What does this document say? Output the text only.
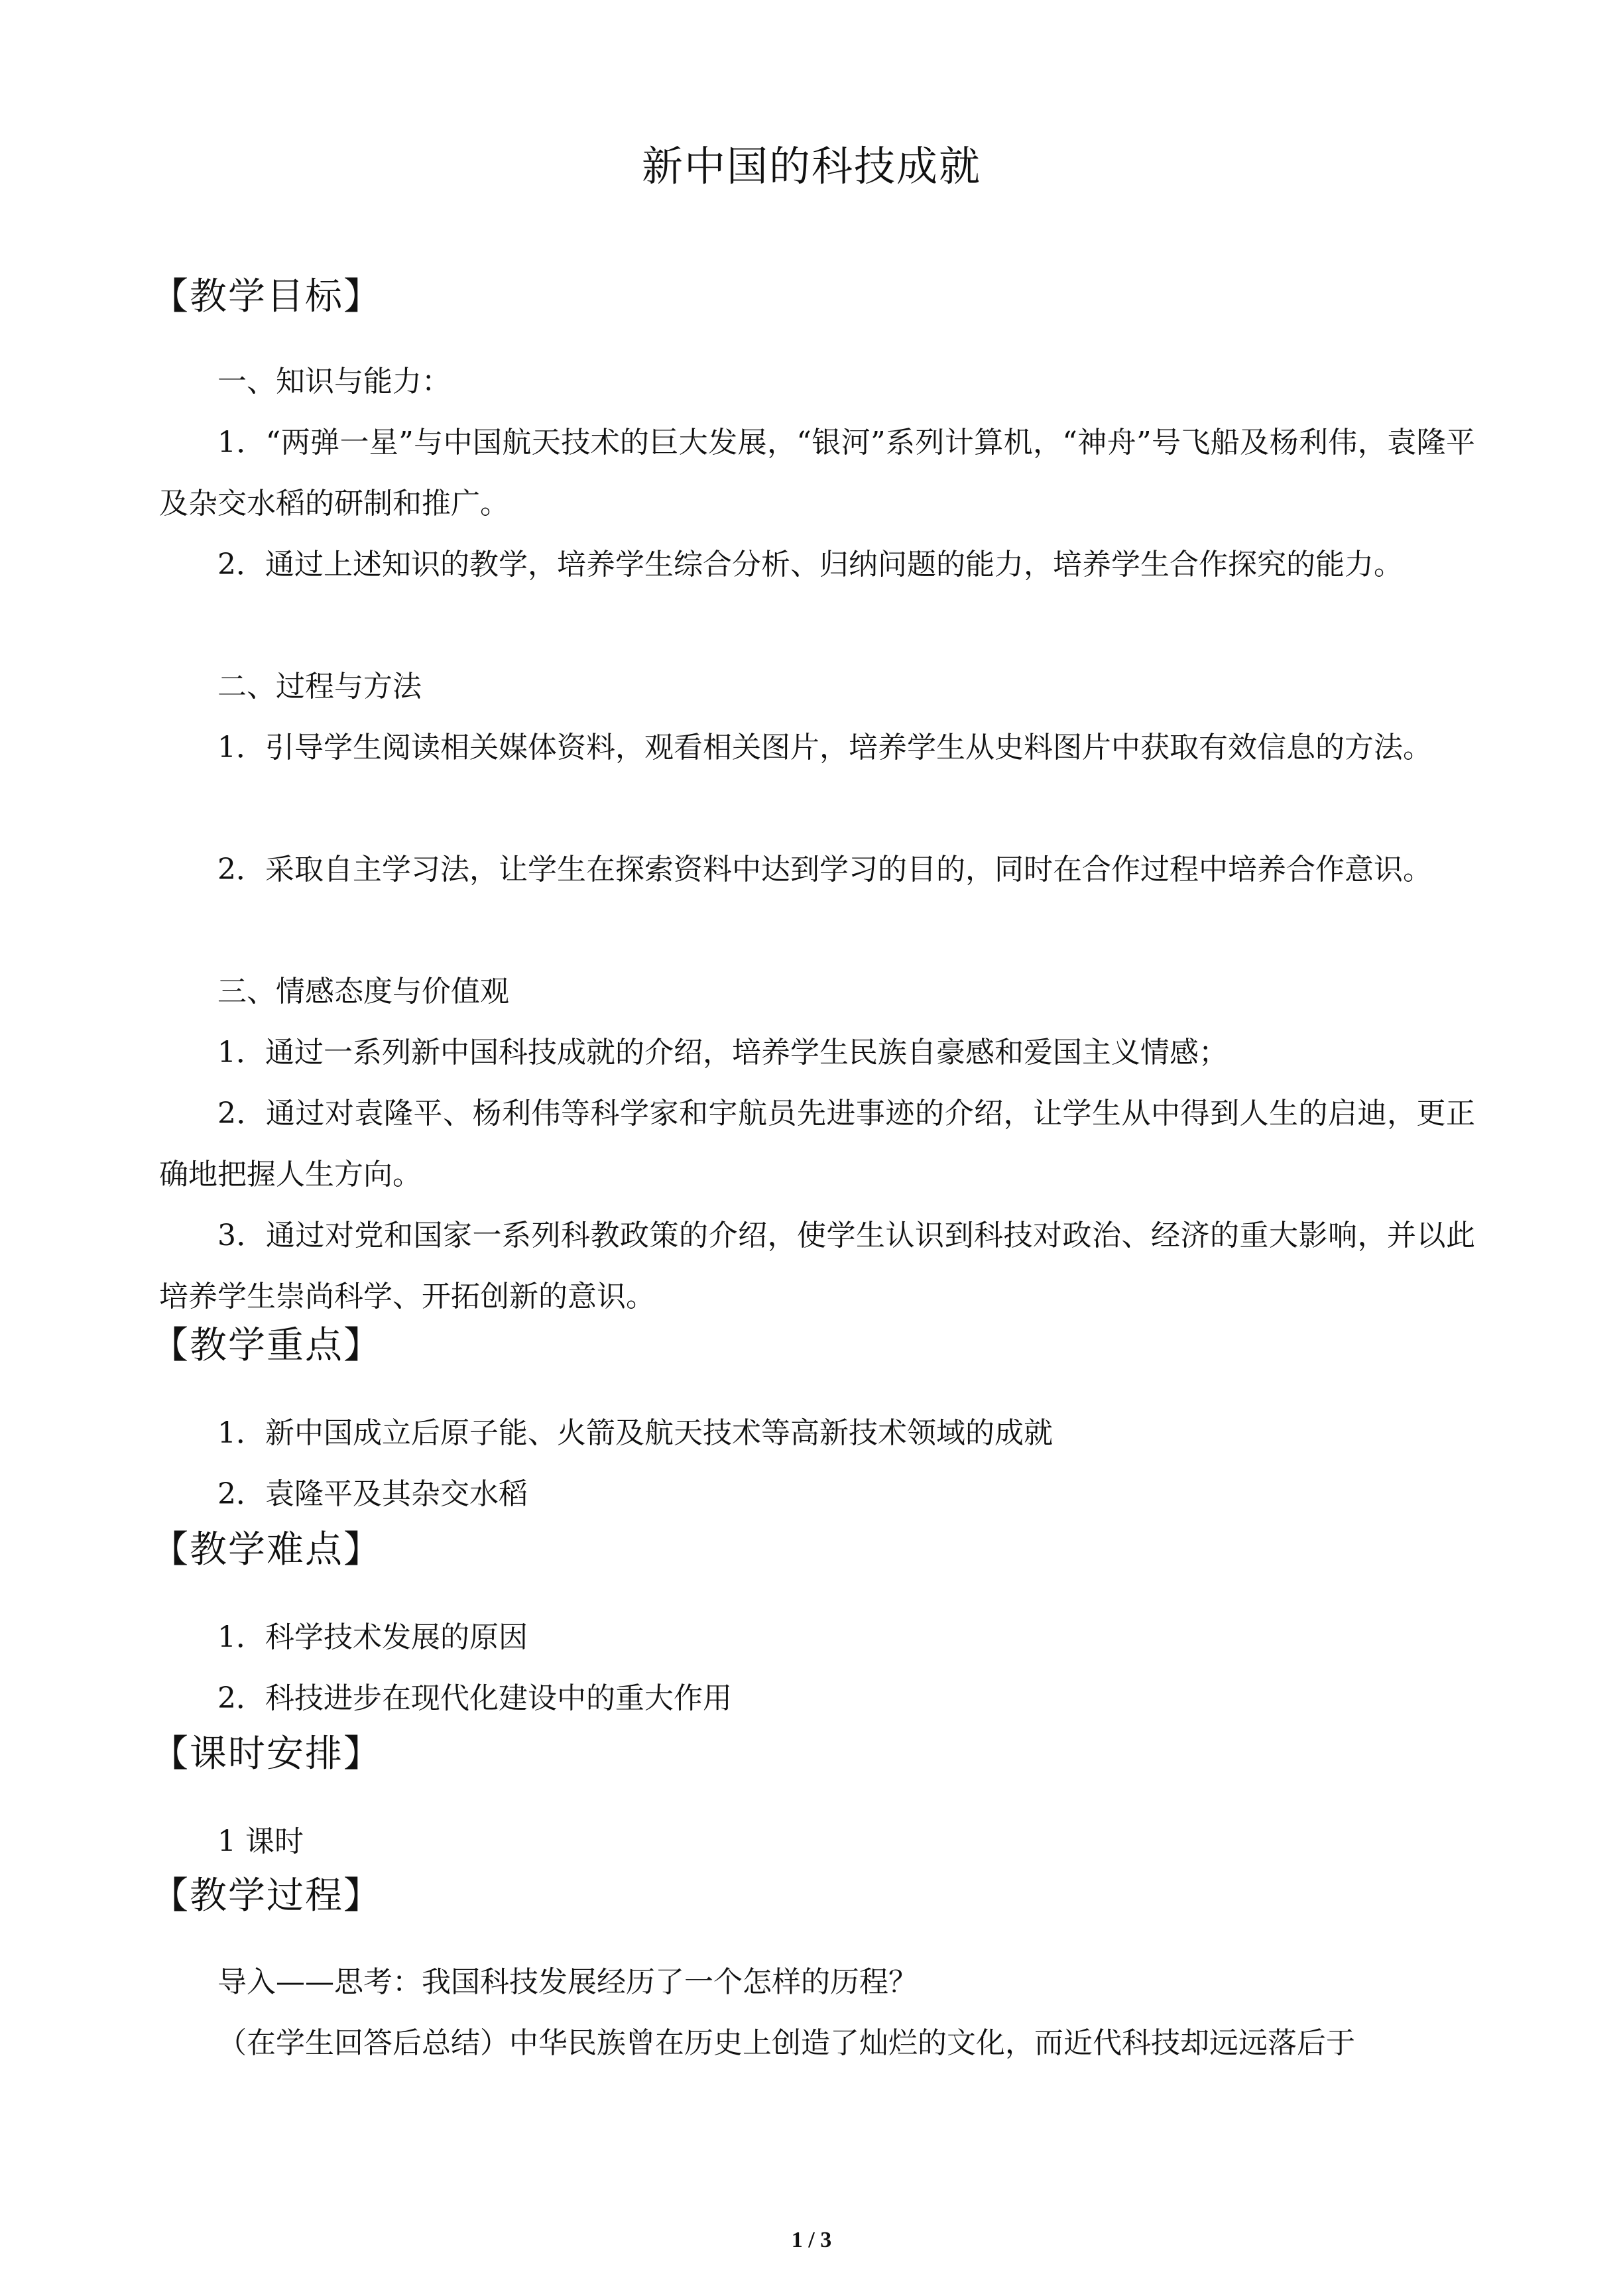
新中国的科技成就
【教学目标】
一、知识与能力：
1．“两弹一星”与中国航天技术的巨大发展，“银河”系列计算机，“神舟”号飞船及杨利伟，袁隆平及杂交水稻的研制和推广。
2．通过上述知识的教学，培养学生综合分析、归纳问题的能力，培养学生合作探究的能力。
二、过程与方法
1．引导学生阅读相关媒体资料，观看相关图片，培养学生从史料图片中获取有效信息的方法。
2．采取自主学习法，让学生在探索资料中达到学习的目的，同时在合作过程中培养合作意识。
三、情感态度与价值观
1．通过一系列新中国科技成就的介绍，培养学生民族自豪感和爱国主义情感；
2．通过对袁隆平、杨利伟等科学家和宇航员先进事迹的介绍，让学生从中得到人生的启迪，更正确地把握人生方向。
3．通过对党和国家一系列科教政策的介绍，使学生认识到科技对政治、经济的重大影响，并以此培养学生崇尚科学、开拓创新的意识。
【教学重点】
1．新中国成立后原子能、火箭及航天技术等高新技术领域的成就
2．袁隆平及其杂交水稻
【教学难点】
1．科学技术发展的原因
2．科技进步在现代化建设中的重大作用
【课时安排】
1 课时
【教学过程】
导入——思考：我国科技发展经历了一个怎样的历程？
（在学生回答后总结）中华民族曾在历史上创造了灿烂的文化，而近代科技却远远落后于
1 / 3
